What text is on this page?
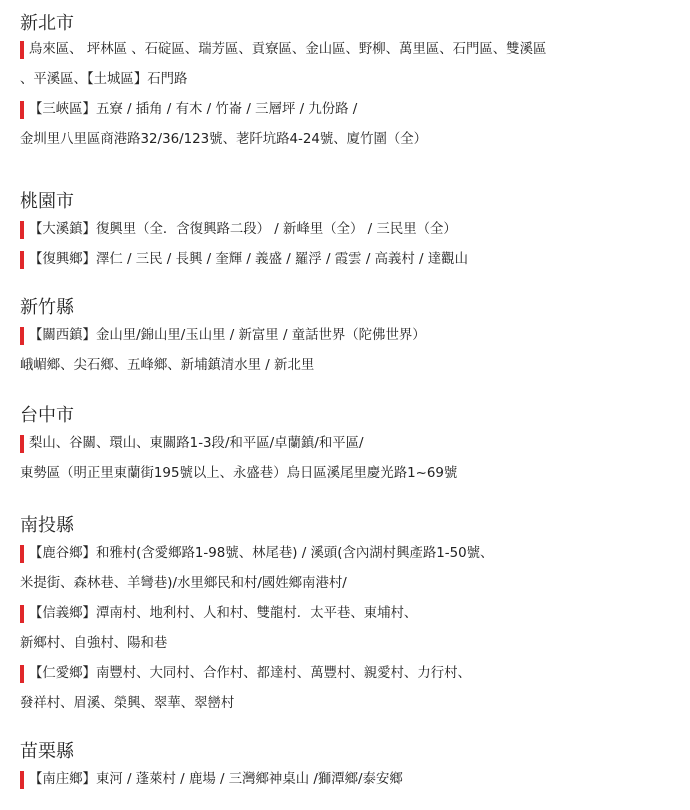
新北市
烏來區、 坪林區 、石碇區、瑞芳區、貢寮區、金山區、野柳、萬里區、石門區、雙溪區
、平溪區、【土城區】石門路
【三峽區】五寮 / 插角 / 有木 / 竹崙 / 三層坪 / 九份路 /
金圳里八里區商港路32/36/123號、荖阡坑路4-24號、廈竹圍（全）
桃園市
【大溪鎮】復興里（全．含復興路二段） / 新峰里（全） / 三民里（全）
【復興鄉】澤仁 / 三民 / 長興 / 奎輝 / 義盛 / 羅浮 / 霞雲 / 高義村 / 達觀山
新竹縣
【關西鎮】金山里/錦山里/玉山里 / 新富里 / 童話世界（陀佛世界）
峨嵋鄉、尖石鄉、五峰鄉、新埔鎮清水里 / 新北里
台中市
梨山、谷關、環山、東關路1-3段/和平區/卓蘭鎮/和平區/
東勢區（明正里東蘭街195號以上、永盛巷）烏日區溪尾里慶光路1~69號
南投縣
【鹿谷鄉】和雅村(含愛鄉路1-98號、林尾巷) / 溪頭(含內湖村興產路1-50號、
米提街、森林巷、羊彎巷)/水里鄉民和村/國姓鄉南港村/
【信義鄉】潭南村、地利村、人和村、雙龍村．太平巷、東埔村、
新鄉村、自強村、陽和巷
【仁愛鄉】南豐村、大同村、合作村、都達村、萬豐村、親愛村、力行村、
發祥村、眉溪、榮興、翠華、翠巒村
苗栗縣
【南庄鄉】東河 / 蓬萊村 / 鹿場 / 三灣鄉神桌山 /獅潭鄉/泰安鄉
